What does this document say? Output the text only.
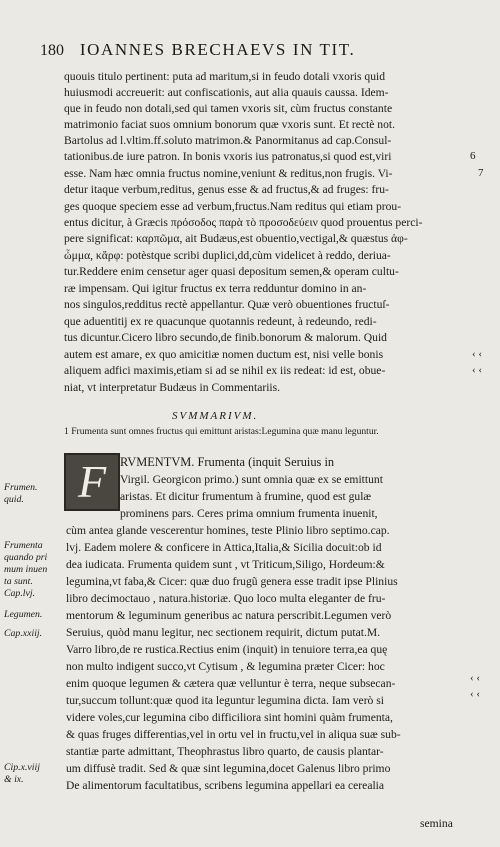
180 IOANNES BRECHAEVS IN TIT.
quouis titulo pertinent: puta ad maritum,si in feudo dotali vxoris quid
huiusmodi accreuerit: aut confiscationis, aut alia quauis caussa. Idem-
que in feudo non dotali,sed qui tamen vxoris sit, cùm fructus constante
matrimonio faciat suos omnium bonorum quæ vxoris sunt. Et rectè not.
Bartolus ad l.vltim.ff.soluto matrimon.& Panormitanus ad cap.Consul-
tationibus.de iure patron. In bonis vxoris ius patronatus,si quod est,viri
esse. Nam hæc omnia fructus nomine,veniunt & reditus,non frugis. Vi-
detur itaque verbum,reditus, genus esse & ad fructus,& ad fruges: fru-
ges quoque speciem esse ad verbum,fructus.Nam reditus qui etiam prou-
entus dicitur, à Græcis πρόσοδος παρὰ τὸ προσοδεύειν quod prouentus perci-
pere significat: καρπῶμα, ait Budæus,est obuentio,vectigal,& quæstus ἀφ-
ὦμμα, κἄρφ: potèstque scribi duplici,dd,cùm videlicet à reddo, deriua-
tur.Reddere enim censetur ager quasi depositum semen,& operam cultu-
ræ impensam. Qui igitur fructus ex terra redduntur domino in an-
nos singulos,redditus rectè appellantur. Quæ verò obuentiones fructuſ-
que aduentitij ex re quacunque quotannis redeunt, à redeundo, redi-
tus dicuntur.Cicero libro secundo,de finib.bonorum & malorum. Quid
autem est amare, ex quo amicitiæ nomen ductum est, nisi velle bonis
aliquem adfici maximis,etiam si ad se nihil ex iis redeat: id est, obue-
niat, vt interpretatur Budæus in Commentariis.
6
7
‹ ‹
‹ ‹
‹ ‹
‹ ‹
SVMMARIVM.
1 Frumenta sunt omnes fructus qui emittunt aristas:Legumina quæ manu leguntur.
F RVMENTVM. Frumenta (inquit Seruius in
Virgil. Georgicon primo.) sunt omnia quæ ex se emittunt
aristas. Et dicitur frumentum à frumine, quod est gulæ
prominens pars. Ceres prima omnium frumenta inuenit,
cùm antea glande vescerentur homines, teste Plinio libro septimo.cap.
lvj. Eadem molere & conficere in Attica,Italia,& Sicilia docuit:ob id
dea iudicata. Frumenta quidem sunt , vt Triticum,Siligo, Hordeum:&
legumina,vt faba,& Cicer: quæ duo frugũ genera esse tradit ipse Plinius
libro decimoctauo , natura.historiæ. Quo loco multa eleganter de fru-
mentorum & leguminum generibus ac natura perscribit.Legumen verò
Seruius, quòd manu legitur, nec sectionem requirit, dictum putat.M.
Varro libro,de re rustica.Rectius enim (inquit) in tenuiore terra,ea quę
non multo indigent succo,vt Cytisum , & legumina præter Cicer: hoc
enim quoque legumen & cætera quæ velluntur è terra, neque subsecan-
tur,succum tollunt:quæ quod ita leguntur legumina dicta. Iam verò si
videre voles,cur legumina cibo difficiliora sint homini quàm frumenta,
& quas fruges differentias,vel in ortu vel in fructu,vel in aliqua suæ sub-
stantiæ parte admittant, Theophrastus libro quarto, de causis plantar-
um diffusè tradit. Sed & quæ sint legumina,docet Galenus libro primo
De alimentorum facultatibus, scribens legumina appellari ea cerealia
Frumen.
quid.
Frumenta
quando pri
mum inuen
ta sunt.
Cap.lvj.
Legumen.
Cap.xxiij.
Cip.x.viij
& ix.
semina
